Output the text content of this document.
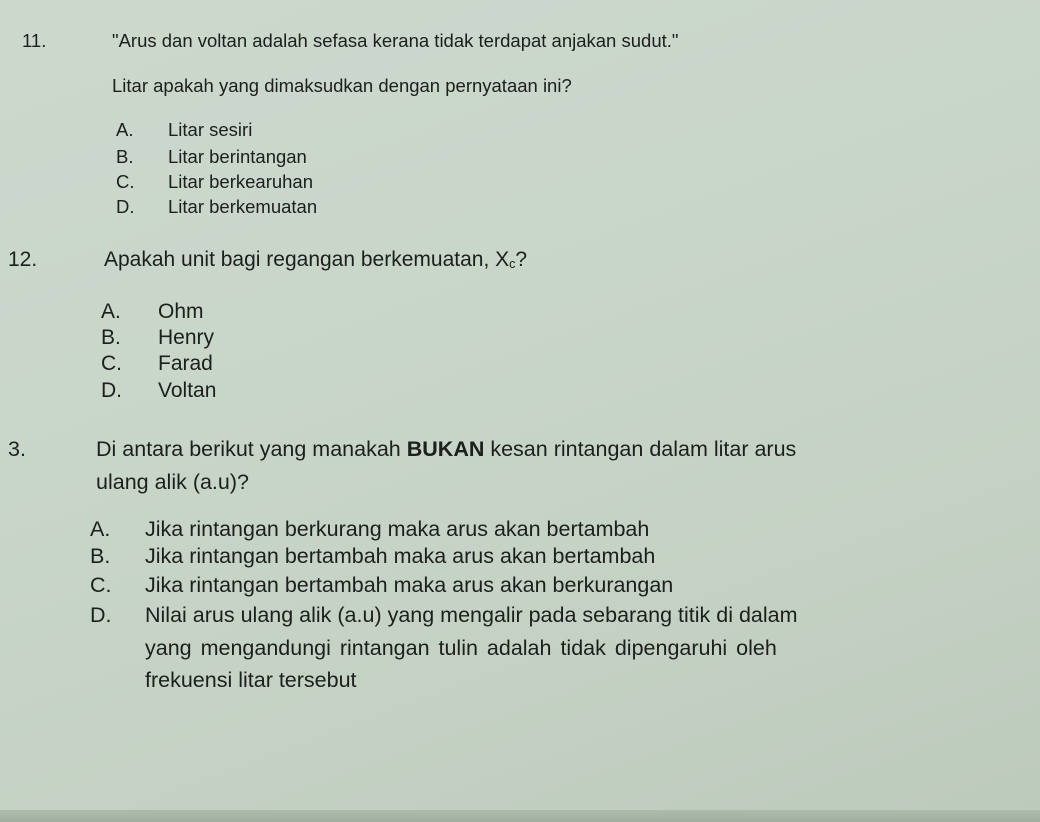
11.	"Arus dan voltan adalah sefasa kerana tidak terdapat anjakan sudut."
Litar apakah yang dimaksudkan dengan pernyataan ini?
A. Litar sesiri
B. Litar berintangan
C. Litar berkearuhan
D. Litar berkemuatan
12.	Apakah unit bagi regangan berkemuatan, Xc?
A. Ohm
B. Henry
C. Farad
D. Voltan
3.	Di antara berikut yang manakah BUKAN kesan rintangan dalam litar arus
ulang alik (a.u)?
A. Jika rintangan berkurang maka arus akan bertambah
B. Jika rintangan bertambah maka arus akan bertambah
C. Jika rintangan bertambah maka arus akan berkurangan
D. Nilai arus ulang alik (a.u) yang mengalir pada sebarang titik di dalam
yang mengandungi rintangan tulin adalah tidak dipengaruhi oleh
frekuensi litar tersebut
